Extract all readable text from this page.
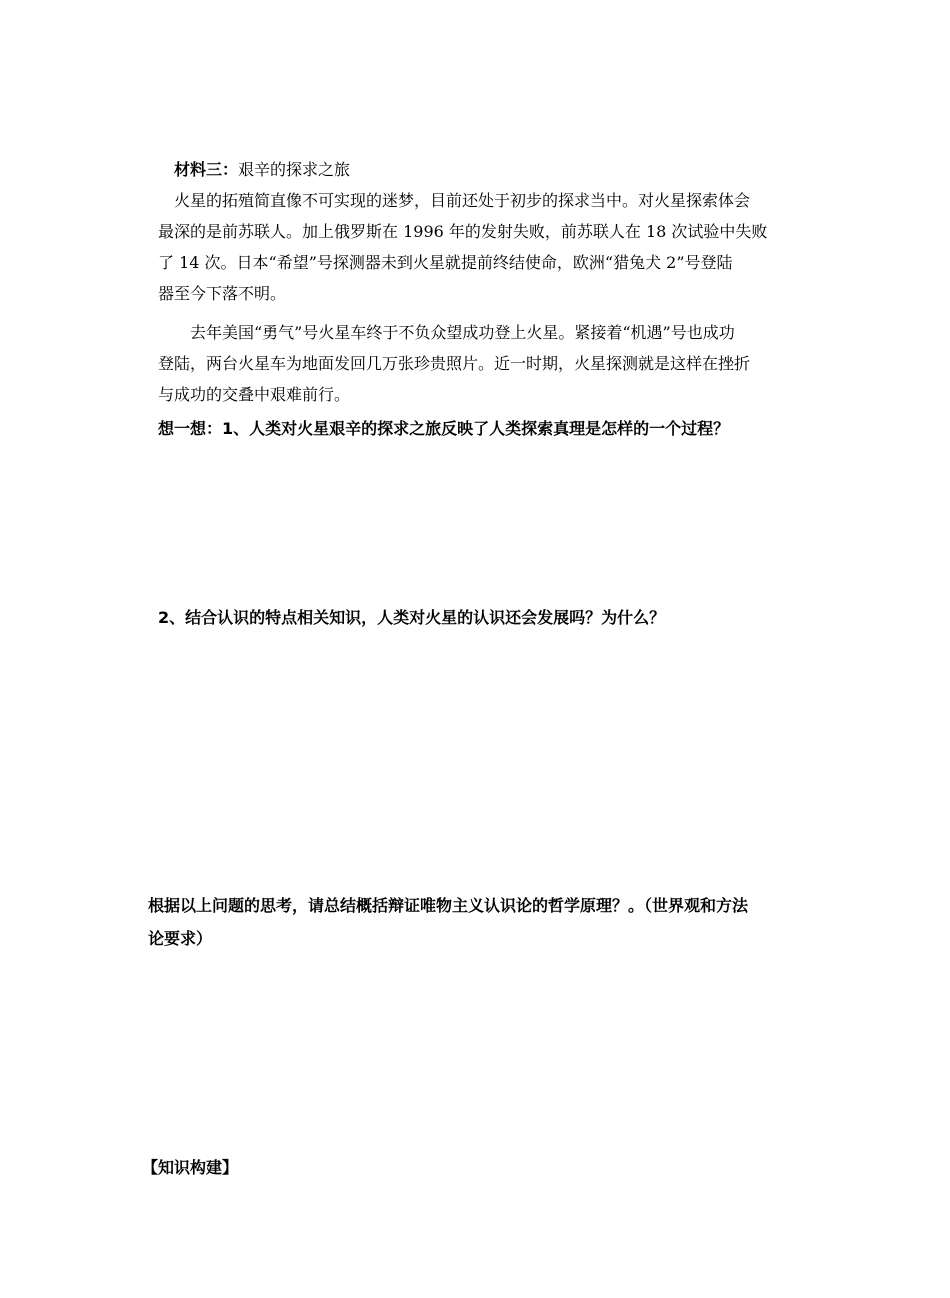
材料三：艰辛的探求之旅
　火星的拓殖简直像不可实现的迷梦，目前还处于初步的探求当中。对火星探索体会
最深的是前苏联人。加上俄罗斯在 1996 年的发射失败，前苏联人在 18 次试验中失败
了 14 次。日本“希望”号探测器未到火星就提前终结使命，欧洲“猎兔犬 2”号登陆
器至今下落不明。
　　去年美国“勇气”号火星车终于不负众望成功登上火星。紧接着“机遇”号也成功
登陆，两台火星车为地面发回几万张珍贵照片。近一时期，火星探测就是这样在挫折
与成功的交叠中艰难前行。
想一想：1、人类对火星艰辛的探求之旅反映了人类探索真理是怎样的一个过程？
2、结合认识的特点相关知识，人类对火星的认识还会发展吗？为什么？
根据以上问题的思考，请总结概括辩证唯物主义认识论的哲学原理？。（世界观和方法
论要求）
【知识构建】
